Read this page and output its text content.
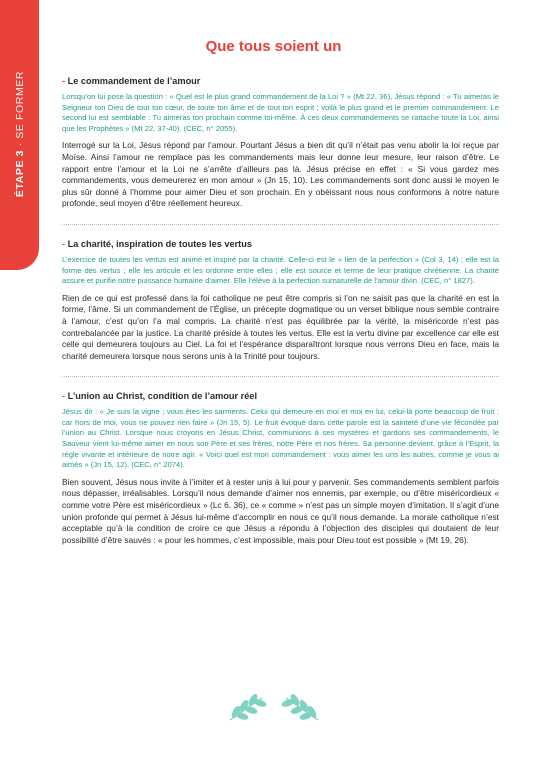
ÉTAPE 3 · SE FORMER
Que tous soient un

- Le commandement de l’amour

Lorsqu’on lui pose la question : « Quel est le plus grand commandement de la Loi ? » (Mt 22, 36), Jésus répond : « Tu aimeras le Seigneur ton Dieu de tout ton cœur, de toute ton âme et de tout ton esprit ; voilà le plus grand et le premier commandement. Le second lui est semblable : Tu aimeras ton prochain comme toi-même. À ces deux commandements se rattache toute la Loi, ainsi que les Prophètes » (Mt 22, 37-40). (CEC, n° 2055).

Interrogé sur la Loi, Jésus répond par l’amour. Pourtant Jésus a bien dit qu’il n’était pas venu abolir la loi reçue par Moïse. Ainsi l’amour ne remplace pas les commandements mais leur donne leur mesure, leur raison d’être. Le rapport entre l’amour et la Loi ne s’arrête d’ailleurs pas là. Jésus précise en effet : « Si vous gardez mes commandements, vous demeurerez en mon amour » (Jn 15, 10). Les commandements sont donc aussi le moyen le plus sûr donné à l’homme pour aimer Dieu et son prochain. En y obéissant nous nous conformons à notre nature profonde, seul moyen d’être réellement heureux.

- La charité, inspiration de toutes les vertus

L’exercice de toutes les vertus est animé et inspiré par la charité. Celle-ci est le « lien de la perfection » (Col 3, 14) ; elle est la forme des vertus ; elle les articule et les ordonne entre elles ; elle est source et terme de leur pratique chrétienne. La charité assure et purifie notre puissance humaine d’aimer. Elle l’élève à la perfection surnaturelle de l’amour divin. (CEC, n° 1827).

Rien de ce qui est professé dans la foi catholique ne peut être compris si l’on ne saisit pas que la charité en est la forme, l’âme. Si un commandement de l’Église, un précepte dogmatique ou un verset biblique nous semble contraire à l’amour, c’est qu’on l’a mal compris. La charité n’est pas équilibrée par la vérité, la miséricorde n’est pas contrebalancée par la justice. La charité préside à toutes les vertus. Elle est la vertu divine par excellence car elle est celle qui demeurera toujours au Ciel. La foi et l’espérance disparaîtront lorsque nous verrons Dieu en face, mais la charité demeurera lorsque nous serons unis à la Trinité pour toujours.

- L’union au Christ, condition de l’amour réel

Jésus dit : « Je suis la vigne ; vous êtes les sarments. Celui qui demeure en moi et moi en lui, celui-là porte beaucoup de fruit ; car hors de moi, vous ne pouvez rien faire » (Jn 15, 5). Le fruit évoqué dans cette parole est la sainteté d’une vie fécondée par l’union au Christ. Lorsque nous croyons en Jésus Christ, communions à ses mystères et gardons ses commandements, le Sauveur vient lui-même aimer en nous son Père et ses frères, notre Père et nos frères. Sa personne devient, grâce à l’Esprit, la règle vivante et intérieure de notre agir. « Voici quel est mon commandement : vous aimer les uns les autres, comme je vous ai aimés » (Jn 15, 12). (CEC, n° 2074).

Bien souvent, Jésus nous invite à l’imiter et à rester unis à lui pour y parvenir. Ses commandements semblent parfois nous dépasser, irréalisables. Lorsqu’il nous demande d’aimer nos ennemis, par exemple, ou d’être miséricordieux « comme votre Père est miséricordieux » (Lc 6, 36), ce « comme » n’est pas un simple moyen d’imitation. Il s’agit d’une union profonde qui permet à Jésus lui-même d’accomplir en nous ce qu’il nous demande. La morale catholique n’est acceptable qu’à la condition de croire ce que Jésus a répondu à l’objection des disciples qui doutaient de leur possibilité d’être sauvés : « pour les hommes, c’est impossible, mais pour Dieu tout est possible » (Mt 19, 26).
